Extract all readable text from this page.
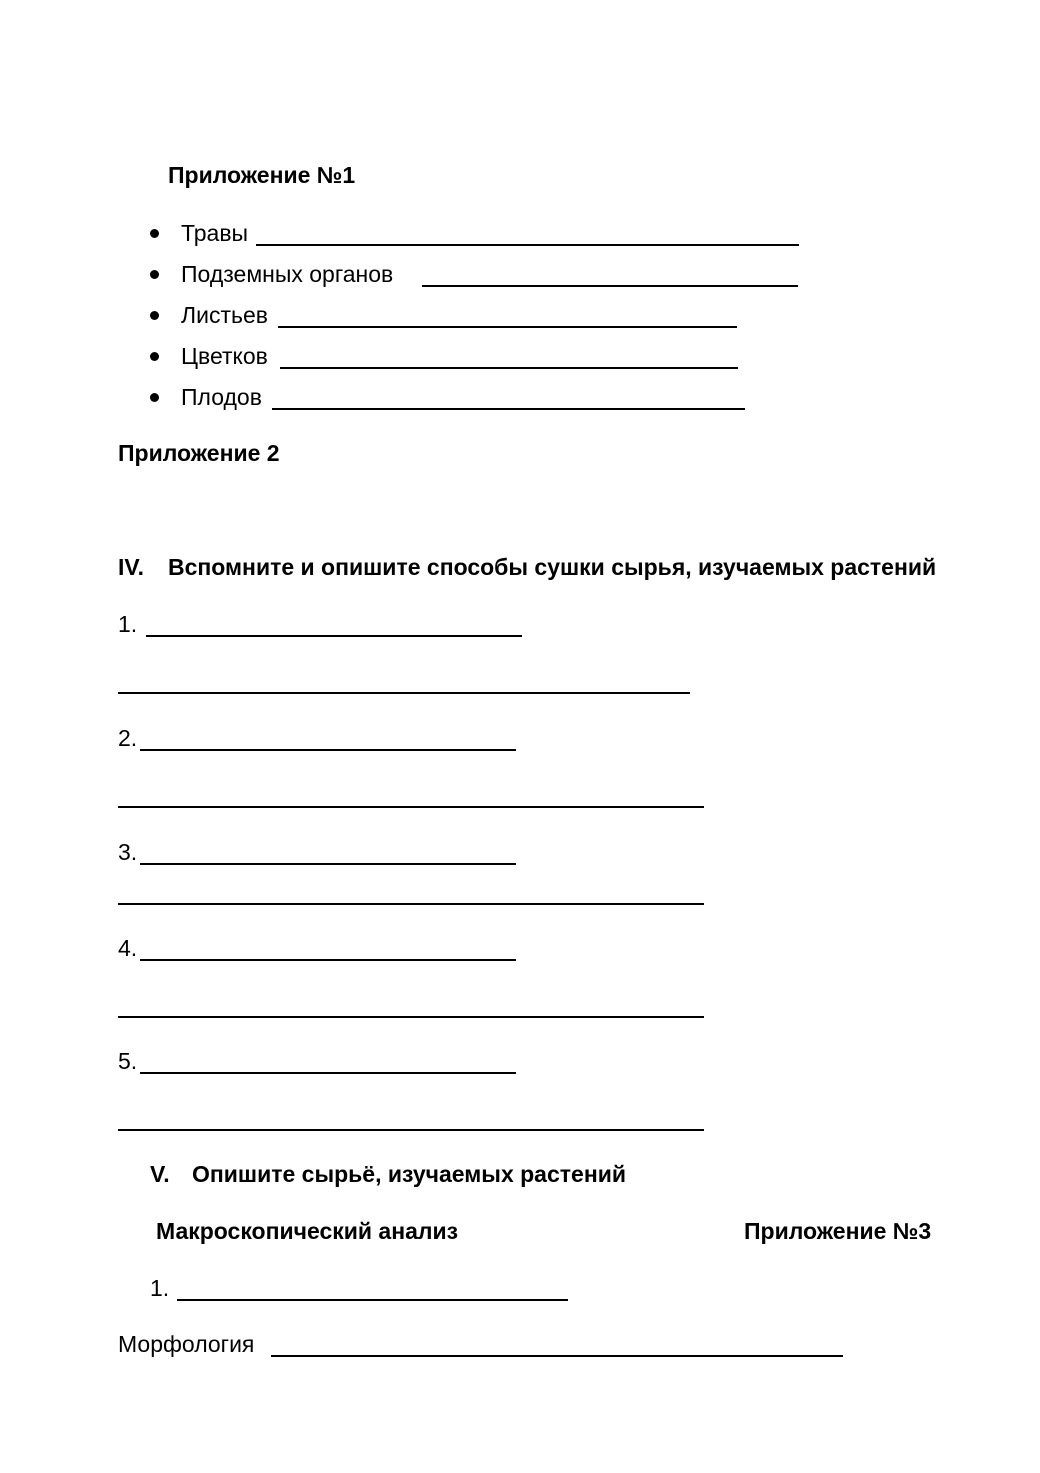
Приложение №1
Травы
Подземных органов
Листьев
Цветков
Плодов
Приложение 2
IV. Вспомните и опишите способы сушки сырья, изучаемых растений
1.
2.
3.
4.
5.
V. Опишите сырьё, изучаемых растений
Макроскопический анализ	Приложение №3
1.
Морфология
